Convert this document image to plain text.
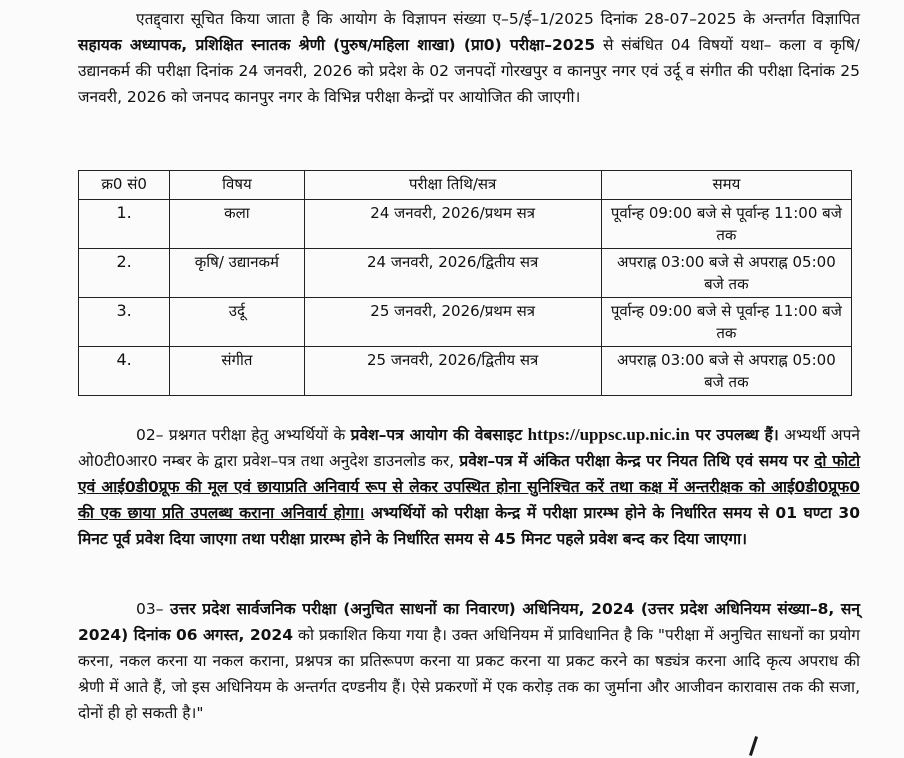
एतद्द्वारा सूचित किया जाता है कि आयोग के विज्ञापन संख्या ए–5/ई–1/2025 दिनांक 28-07–2025 के अन्तर्गत विज्ञापित सहायक अध्यापक, प्रशिक्षित स्नातक श्रेणी (पुरुष/महिला शाखा) (प्रा0) परीक्षा–2025 से संबंधित 04 विषयों यथा– कला व कृषि/उद्यानकर्म की परीक्षा दिनांक 24 जनवरी, 2026 को प्रदेश के 02 जनपदों गोरखपुर व कानपुर नगर एवं उर्दू व संगीत की परीक्षा दिनांक 25 जनवरी, 2026 को जनपद कानपुर नगर के विभिन्न परीक्षा केन्द्रों पर आयोजित की जाएगी।

क्र0 सं0	विषय	परीक्षा तिथि/सत्र	समय
1.	कला	24 जनवरी, 2026/प्रथम सत्र	पूर्वान्ह 09:00 बजे से पूर्वान्ह 11:00 बजे तक
2.	कृषि/ उद्यानकर्म	24 जनवरी, 2026/द्वितीय सत्र	अपराह्न 03:00 बजे से अपराह्न 05:00 बजे तक
3.	उर्दू	25 जनवरी, 2026/प्रथम सत्र	पूर्वान्ह 09:00 बजे से पूर्वान्ह 11:00 बजे तक
4.	संगीत	25 जनवरी, 2026/द्वितीय सत्र	अपराह्न 03:00 बजे से अपराह्न 05:00 बजे तक

02– प्रश्नगत परीक्षा हेतु अभ्यर्थियों के प्रवेश–पत्र आयोग की वेबसाइट https://uppsc.up.nic.in पर उपलब्ध हैं। अभ्यर्थी अपने ओ0टी0आर0 नम्बर के द्वारा प्रवेश–पत्र तथा अनुदेश डाउनलोड कर, प्रवेश–पत्र में अंकित परीक्षा केन्द्र पर नियत तिथि एवं समय पर दो फोटो एवं आई0डी0प्रूफ की मूल एवं छायाप्रति अनिवार्य रूप से लेकर उपस्थित होना सुनिश्चित करें तथा कक्ष में अन्तरीक्षक को आई0डी0प्रूफ0 की एक छाया प्रति उपलब्ध कराना अनिवार्य होगा। अभ्यर्थियों को परीक्षा केन्द्र में परीक्षा प्रारम्भ होने के निर्धारित समय से 01 घण्टा 30 मिनट पूर्व प्रवेश दिया जाएगा तथा परीक्षा प्रारम्भ होने के निर्धारित समय से 45 मिनट पहले प्रवेश बन्द कर दिया जाएगा।

03– उत्तर प्रदेश सार्वजनिक परीक्षा (अनुचित साधनों का निवारण) अधिनियम, 2024 (उत्तर प्रदेश अधिनियम संख्या–8, सन् 2024) दिनांक 06 अगस्त, 2024 को प्रकाशित किया गया है। उक्त अधिनियम में प्राविधानित है कि "परीक्षा में अनुचित साधनों का प्रयोग करना, नकल करना या नकल कराना, प्रश्नपत्र का प्रतिरूपण करना या प्रकट करना या प्रकट करने का षड्यंत्र करना आदि कृत्य अपराध की श्रेणी में आते हैं, जो इस अधिनियम के अन्तर्गत दण्डनीय हैं। ऐसे प्रकरणों में एक करोड़ तक का जुर्माना और आजीवन कारावास तक की सजा, दोनों ही हो सकती है।"
